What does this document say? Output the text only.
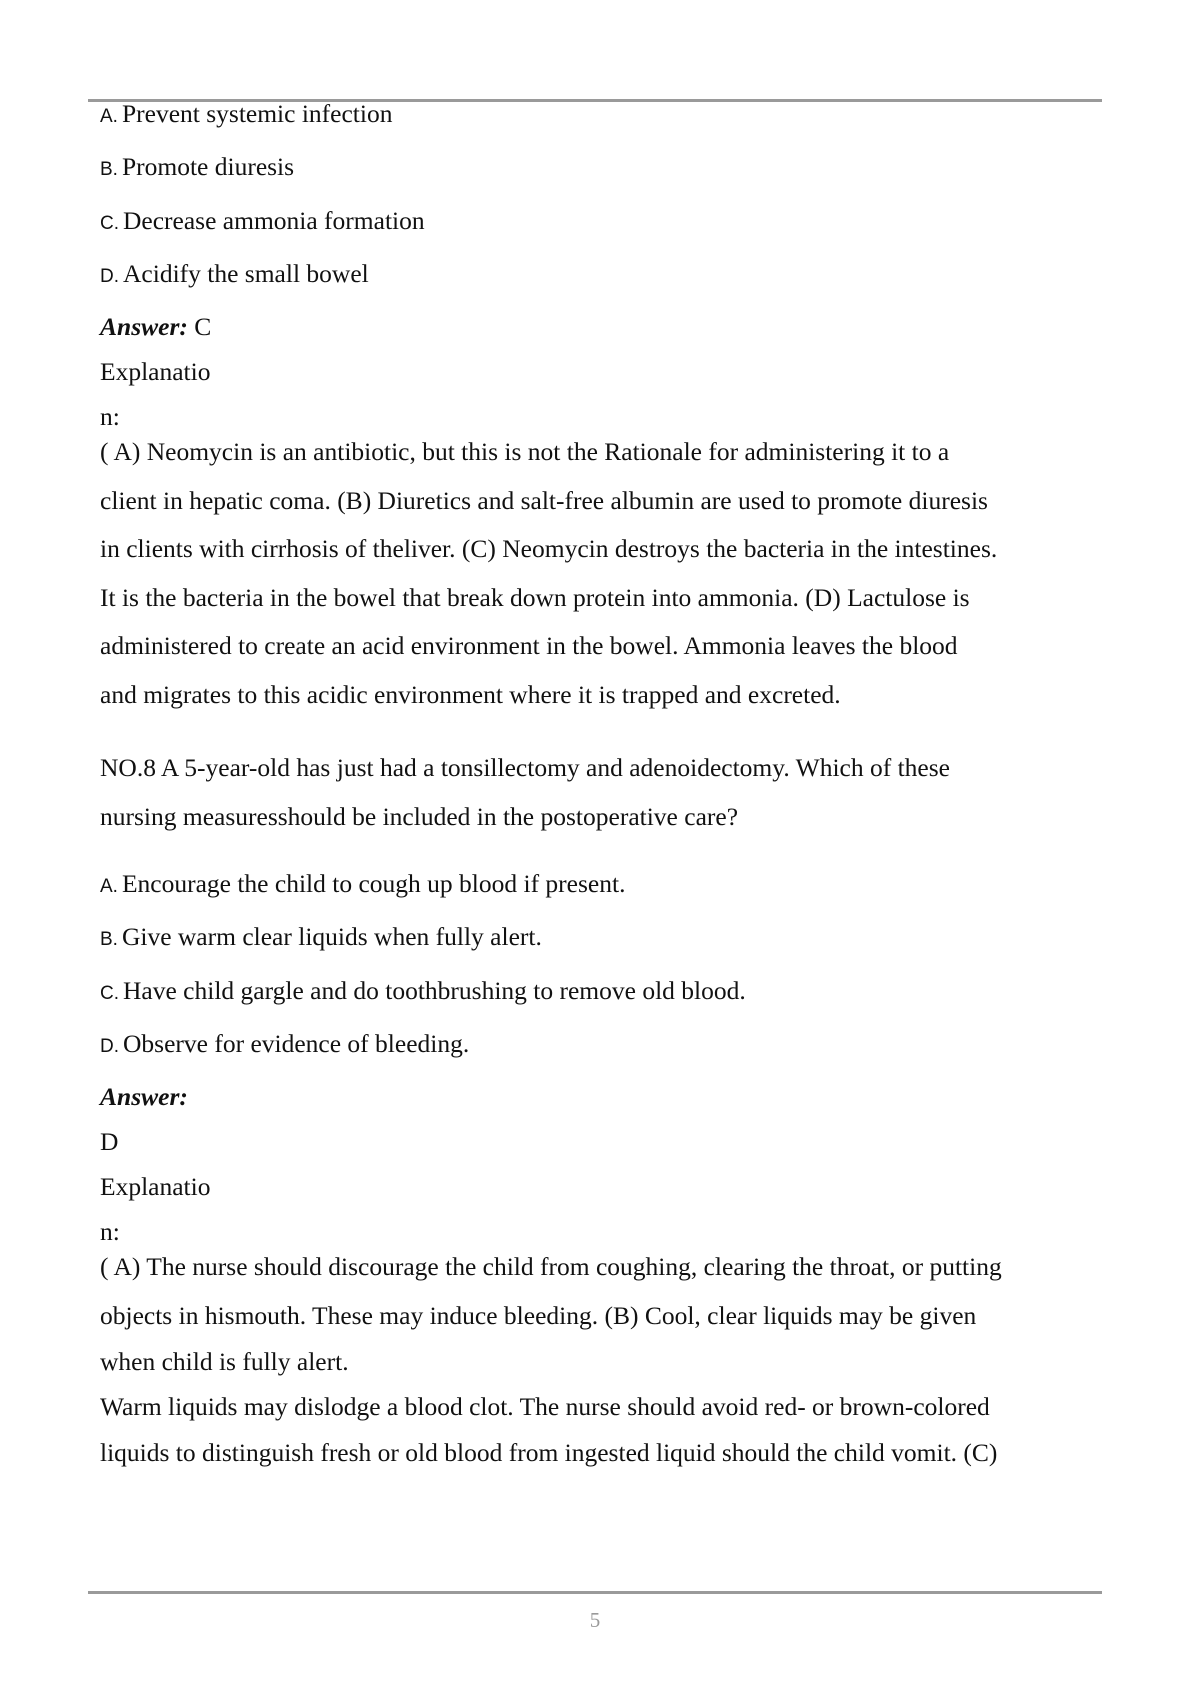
A. Prevent systemic infection
B. Promote diuresis
C. Decrease ammonia formation
D. Acidify the small bowel
Answer: C
Explanatio
n:

( A) Neomycin is an antibiotic, but this is not the Rationale for administering it to a

client in hepatic coma. (B) Diuretics and salt-free albumin are used to promote diuresis

in clients with cirrhosis of theliver. (C) Neomycin destroys the bacteria in the intestines.

It is the bacteria in the bowel that break down protein into ammonia. (D) Lactulose is

administered to create an acid environment in the bowel. Ammonia leaves the blood

and migrates to this acidic environment where it is trapped and excreted.

NO.8 A 5-year-old has just had a tonsillectomy and adenoidectomy. Which of these

nursing measuresshould be included in the postoperative care?

A. Encourage the child to cough up blood if present.
B. Give warm clear liquids when fully alert.
C. Have child gargle and do toothbrushing to remove old blood.
D. Observe for evidence of bleeding.
Answer:
D
Explanatio
n:

( A) The nurse should discourage the child from coughing, clearing the throat, or putting

objects in hismouth. These may induce bleeding. (B) Cool, clear liquids may be given

when child is fully alert.

Warm liquids may dislodge a blood clot. The nurse should avoid red- or brown-colored

liquids to distinguish fresh or old blood from ingested liquid should the child vomit. (C)

5
